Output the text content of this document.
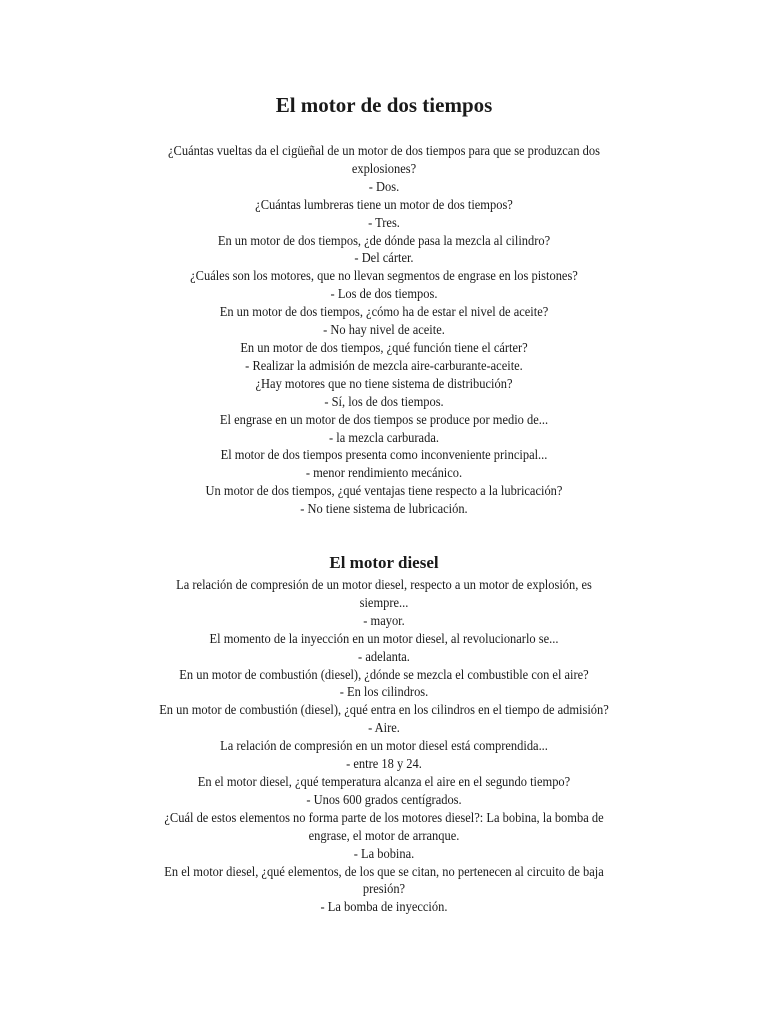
El motor de dos tiempos

¿Cuántas vueltas da el cigüeñal de un motor de dos tiempos para que se produzcan dos

explosiones?

- Dos.

¿Cuántas lumbreras tiene un motor de dos tiempos?

- Tres.

En un motor de dos tiempos, ¿de dónde pasa la mezcla al cilindro?

- Del cárter.

¿Cuáles son los motores, que no llevan segmentos de engrase en los pistones?

- Los de dos tiempos.

En un motor de dos tiempos, ¿cómo ha de estar el nivel de aceite?

- No hay nivel de aceite.

En un motor de dos tiempos, ¿qué función tiene el cárter?

- Realizar la admisión de mezcla aire-carburante-aceite.

¿Hay motores que no tiene sistema de distribución?

- Sí, los de dos tiempos.

El engrase en un motor de dos tiempos se produce por medio de...

- la mezcla carburada.

El motor de dos tiempos presenta como inconveniente principal...

- menor rendimiento mecánico.

Un motor de dos tiempos, ¿qué ventajas tiene respecto a la lubricación?

- No tiene sistema de lubricación.

El motor diesel

La relación de compresión de un motor diesel, respecto a un motor de explosión, es

siempre...

- mayor.

El momento de la inyección en un motor diesel, al revolucionarlo se...

- adelanta.

En un motor de combustión (diesel), ¿dónde se mezcla el combustible con el aire?

- En los cilindros.

En un motor de combustión (diesel), ¿qué entra en los cilindros en el tiempo de admisión?

- Aire.

La relación de compresión en un motor diesel está comprendida...

- entre 18 y 24.

En el motor diesel, ¿qué temperatura alcanza el aire en el segundo tiempo?

- Unos 600 grados centígrados.

¿Cuál de estos elementos no forma parte de los motores diesel?: La bobina, la bomba de

engrase, el motor de arranque.

- La bobina.

En el motor diesel, ¿qué elementos, de los que se citan, no pertenecen al circuito de baja

presión?

- La bomba de inyección.
